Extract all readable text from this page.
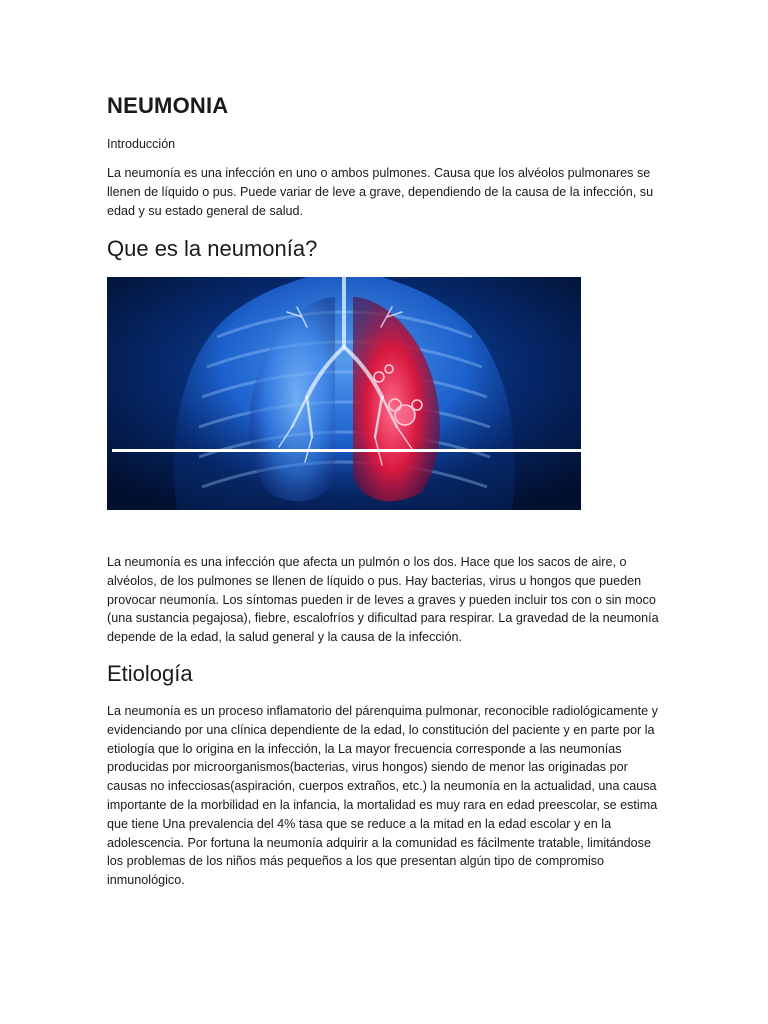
NEUMONIA

Introducción

La neumonía es una infección en uno o ambos pulmones. Causa que los alvéolos pulmonares se llenen de líquido o pus. Puede variar de leve a grave, dependiendo de la causa de la infección, su edad y su estado general de salud.

Que es la neumonía?

La neumonía es una infección que afecta un pulmón o los dos. Hace que los sacos de aire, o alvéolos, de los pulmones se llenen de líquido o pus. Hay bacterias, virus u hongos que pueden provocar neumonía. Los síntomas pueden ir de leves a graves y pueden incluir tos con o sin moco (una sustancia pegajosa), fiebre, escalofríos y dificultad para respirar. La gravedad de la neumonía depende de la edad, la salud general y la causa de la infección.

Etiología

La neumonía es un proceso inflamatorio del párenquima pulmonar, reconocible radiológicamente y evidenciando por una clínica dependiente de la edad, lo constitución del paciente y en parte por la etiología que lo origina en la infección, la La mayor frecuencia corresponde a las neumonías producidas por microorganismos(bacterias, virus hongos) siendo de menor las originadas por causas no infecciosas(aspiración, cuerpos extraños, etc.) la neumonía en la actualidad, una causa importante de la morbilidad en la infancia, la mortalidad es muy rara en edad preescolar, se estima que tiene Una prevalencia del 4% tasa que se reduce a la mitad en la edad escolar y en la adolescencia. Por fortuna la neumonía adquirir a la comunidad es fácilmente tratable, limitándose los problemas de los niños más pequeños a los que presentan algún tipo de compromiso inmunológico.
